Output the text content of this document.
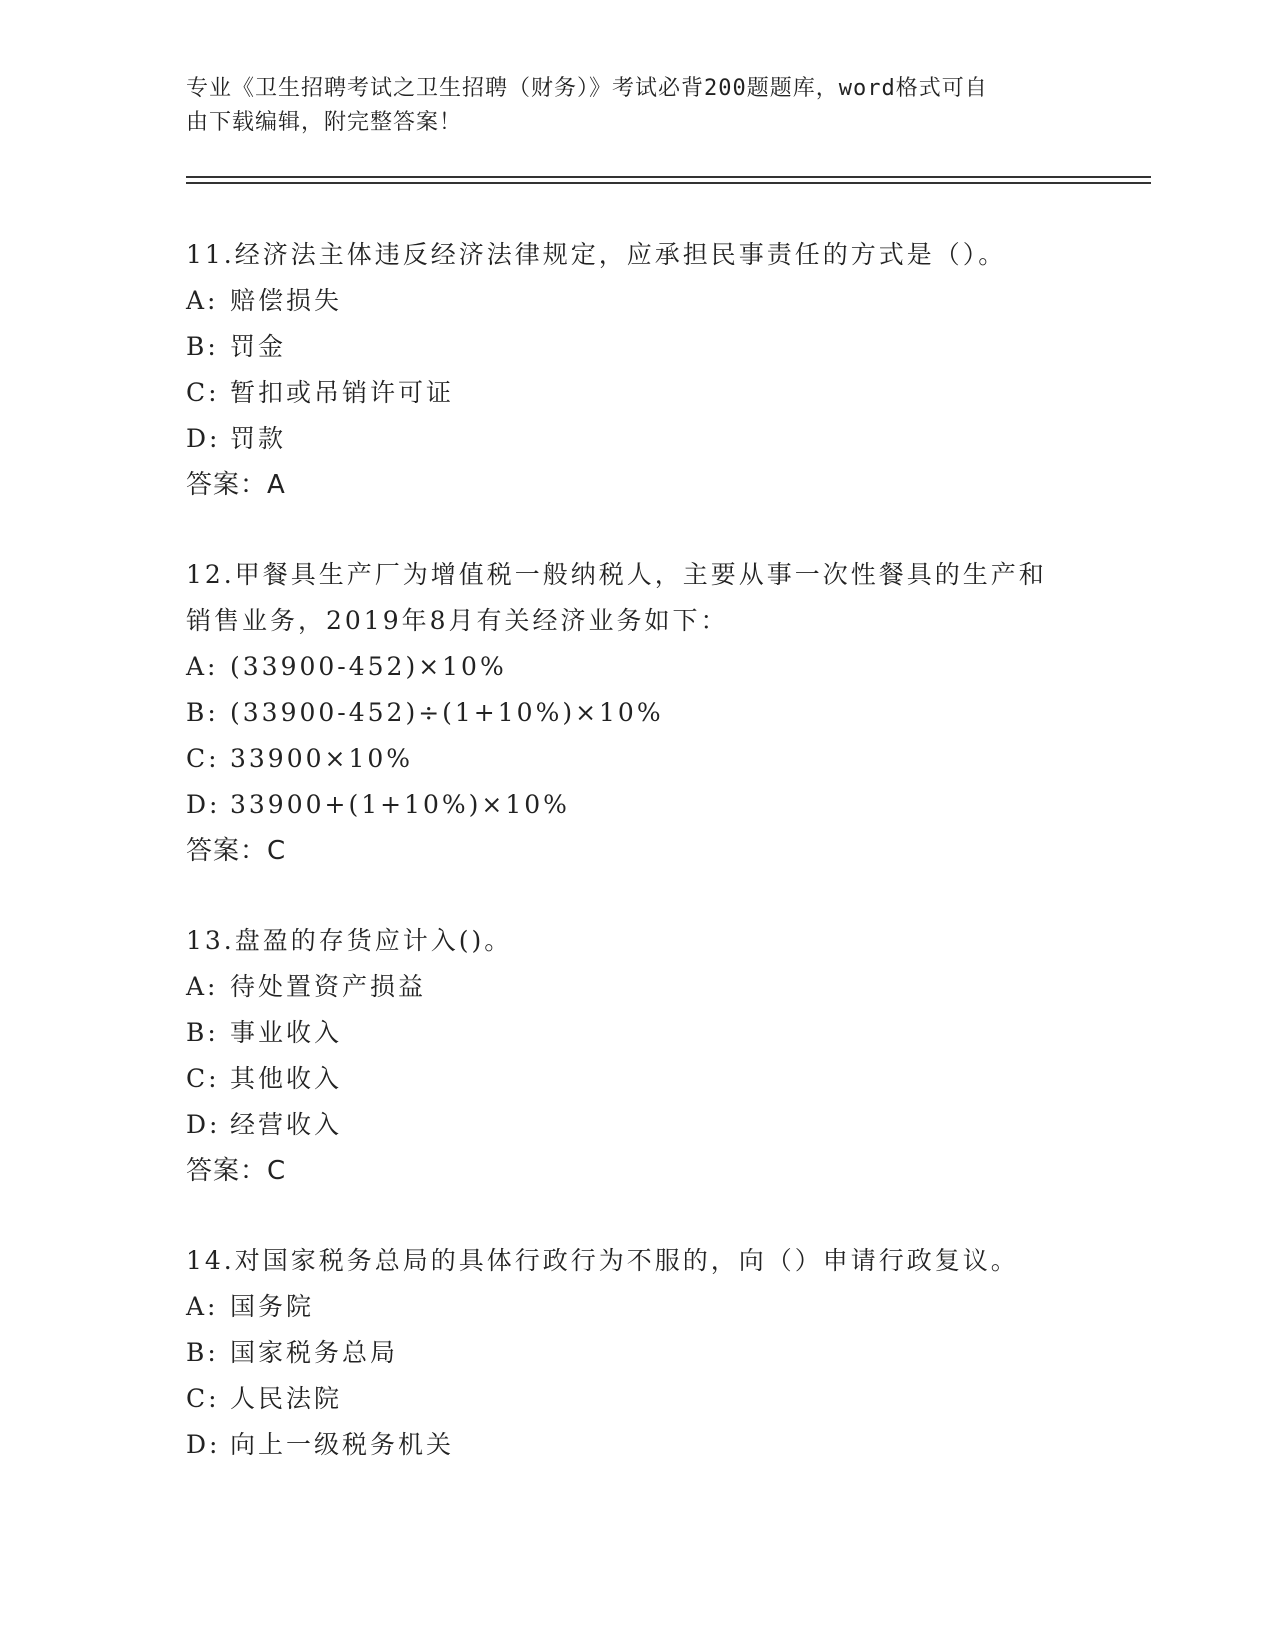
专业《卫生招聘考试之卫生招聘（财务）》考试必背200题题库，word格式可自
由下载编辑，附完整答案！
11.经济法主体违反经济法律规定，应承担民事责任的方式是（）。
A: 赔偿损失
B: 罚金
C: 暂扣或吊销许可证
D: 罚款
答案：A
12.甲餐具生产厂为增值税一般纳税人，主要从事一次性餐具的生产和
销售业务，2019年8月有关经济业务如下：
A: (33900-452)×10%
B: (33900-452)÷(1+10%)×10%
C: 33900×10%
D: 33900+(1+10%)×10%
答案：C
13.盘盈的存货应计入()。
A: 待处置资产损益
B: 事业收入
C: 其他收入
D: 经营收入
答案：C
14.对国家税务总局的具体行政行为不服的，向（）申请行政复议。
A: 国务院
B: 国家税务总局
C: 人民法院
D: 向上一级税务机关
